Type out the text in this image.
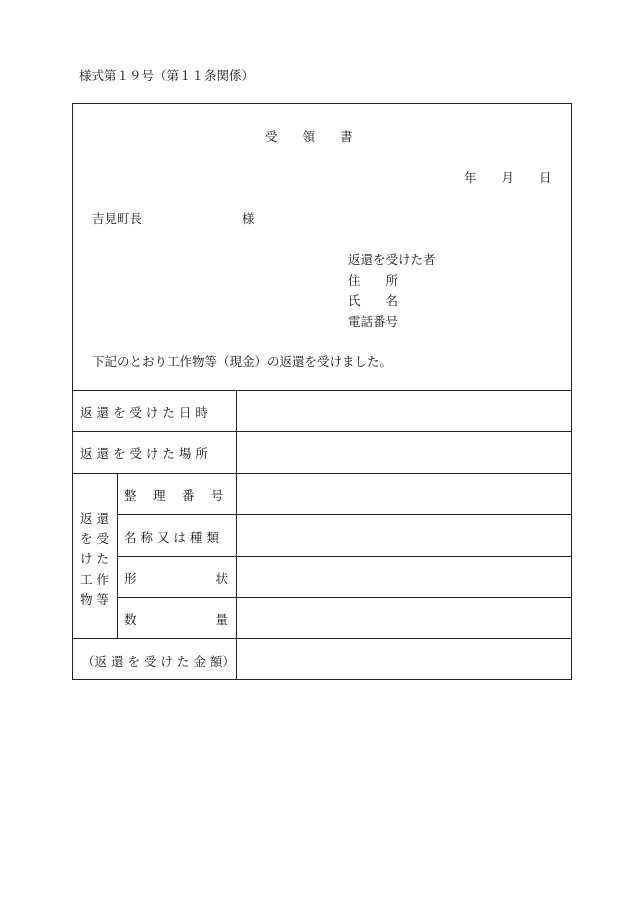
様式第１９号（第１１条関係）
受　　領　　書
年　　月　　日
吉見町長　　　　　　　　様
返還を受けた者
住　　所
氏　　名
電話番号
下記のとおり工作物等（現金）の返還を受けました。
返 還 を 受 け た 日 時
返 還 を 受 け た 場 所
返 還
を 受
け た
工 作
物 等
整　 理　 番　 号
名 称 又 は 種 類
形　　　　　　 状
数　　　　　　 量
（返 還 を 受 け た 金 額）
